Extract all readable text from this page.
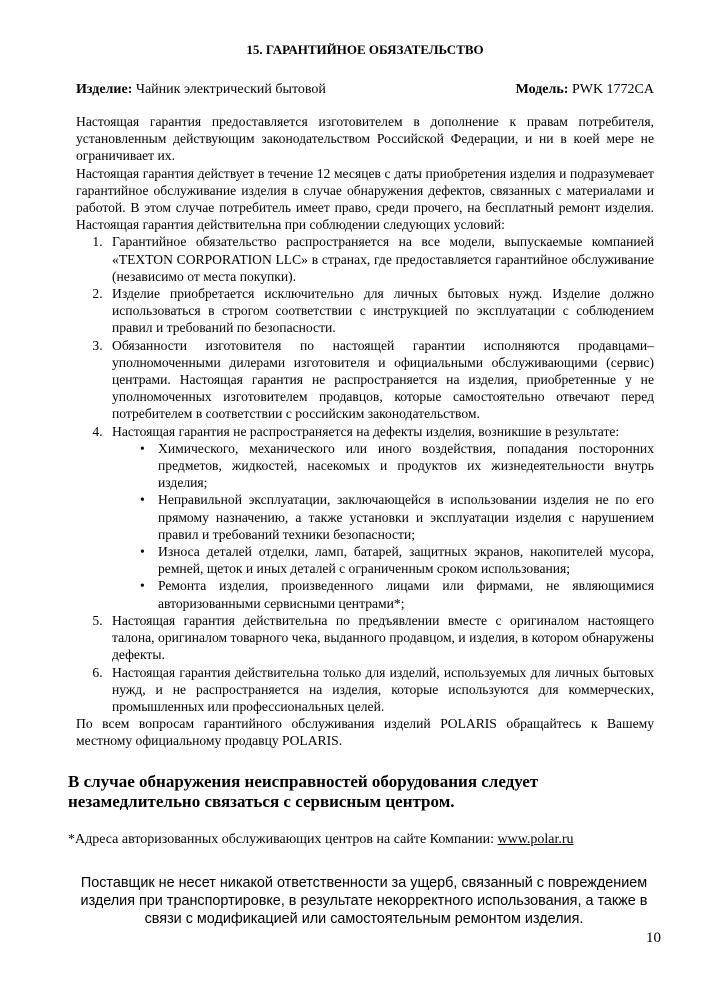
15. ГАРАНТИЙНОЕ ОБЯЗАТЕЛЬСТВО
Изделие: Чайник электрический бытовой	Модель: PWK 1772CA

Настоящая гарантия предоставляется изготовителем в дополнение к правам потребителя, установленным действующим законодательством Российской Федерации, и ни в коей мере не ограничивает их.

Настоящая гарантия действует в течение 12 месяцев с даты приобретения изделия и подразумевает гарантийное обслуживание изделия в случае обнаружения дефектов, связанных с материалами и работой. В этом случае потребитель имеет право, среди прочего, на бесплатный ремонт изделия. Настоящая гарантия действительна при соблюдении следующих условий:

1. Гарантийное обязательство распространяется на все модели, выпускаемые компанией «TEXTON CORPORATION LLC» в странах, где предоставляется гарантийное обслуживание (независимо от места покупки).
2. Изделие приобретается исключительно для личных бытовых нужд. Изделие должно использоваться в строгом соответствии с инструкцией по эксплуатации с соблюдением правил и требований по безопасности.
3. Обязанности изготовителя по настоящей гарантии исполняются продавцами–уполномоченными дилерами изготовителя и официальными обслуживающими (сервис) центрами. Настоящая гарантия не распространяется на изделия, приобретенные у не уполномоченных изготовителем продавцов, которые самостоятельно отвечают перед потребителем в соответствии с российским законодательством.
4. Настоящая гарантия не распространяется на дефекты изделия, возникшие в результате:
• Химического, механического или иного воздействия, попадания посторонних предметов, жидкостей, насекомых и продуктов их жизнедеятельности внутрь изделия;
• Неправильной эксплуатации, заключающейся в использовании изделия не по его прямому назначению, а также установки и эксплуатации изделия с нарушением правил и требований техники безопасности;
• Износа деталей отделки, ламп, батарей, защитных экранов, накопителей мусора, ремней, щеток и иных деталей с ограниченным сроком использования;
• Ремонта изделия, произведенного лицами или фирмами, не являющимися авторизованными сервисными центрами*;
5. Настоящая гарантия действительна по предъявлении вместе с оригиналом настоящего талона, оригиналом товарного чека, выданного продавцом, и изделия, в котором обнаружены дефекты.
6. Настоящая гарантия действительна только для изделий, используемых для личных бытовых нужд, и не распространяется на изделия, которые используются для коммерческих, промышленных или профессиональных целей.

По всем вопросам гарантийного обслуживания изделий POLARIS обращайтесь к Вашему местному официальному продавцу POLARIS.

В случае обнаружения неисправностей оборудования следует незамедлительно связаться с сервисным центром.
*Адреса авторизованных обслуживающих центров на сайте Компании: www.polar.ru
Поставщик не несет никакой ответственности за ущерб, связанный с повреждением изделия при транспортировке, в результате некорректного использования, а также в связи с модификацией или самостоятельным ремонтом изделия.
10
